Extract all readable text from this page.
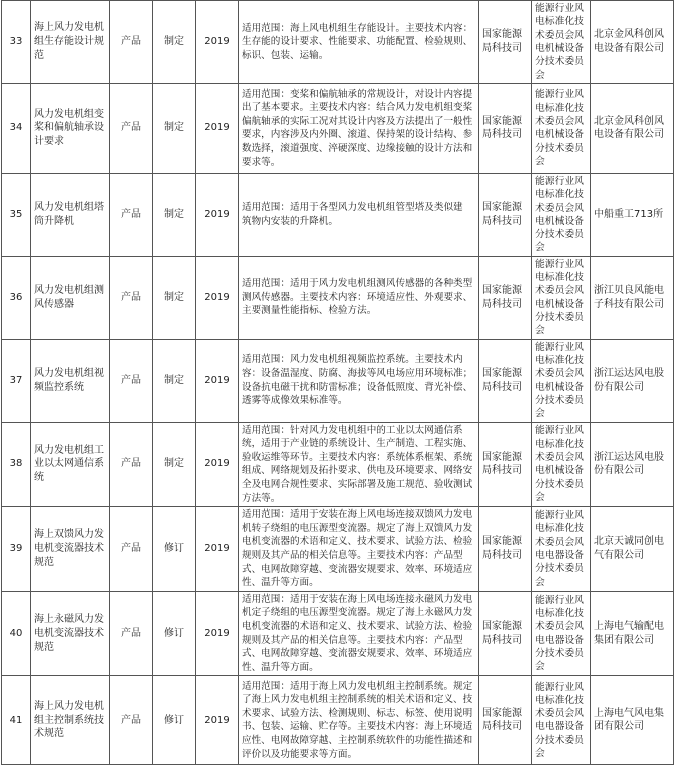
33	海上风力发电机组生存能设计规范	产品	制定	2019	适用范围：海上风电机组生存能设计。主要技术内容：生存能的设计要求、性能要求、功能配置、检验规则、标识、包装、运输。	国家能源局科技司	能源行业风电标准化技术委员会风电机械设备分技术委员会	北京金风科创风电设备有限公司
34	风力发电机组变桨和偏航轴承设计要求	产品	制定	2019	适用范围：变桨和偏航轴承的常规设计，对设计内容提出了基本要求。主要技术内容：结合风力发电机组变桨偏航轴承的实际工况对其设计内容及方法提出了一般性要求，内容涉及内外圈、滚道、保持架的设计结构、参数选择，滚道强度、淬硬深度、边缘接触的设计方法和要求等。	国家能源局科技司	能源行业风电标准化技术委员会风电机械设备分技术委员会	北京金风科创风电设备有限公司
35	风力发电机组塔筒升降机	产品	制定	2019	适用范围：适用于各型风力发电机组管型塔及类似建 筑物内安装的升降机。	国家能源局科技司	能源行业风电标准化技术委员会风电机械设备分技术委员会	中船重工713所
36	风力发电机组测风传感器	产品	制定	2019	适用范围：适用于风力发电机组测风传感器的各种类型测风传感器。主要技术内容：环境适应性、外观要求、主要测量性能指标、检验方法。	国家能源局科技司	能源行业风电标准化技术委员会风电机械设备分技术委员会	浙江贝良风能电子科技有限公司
37	风力发电机组视频监控系统	产品	制定	2019	适用范围：风力发电机组视频监控系统。主要技术内容：设备温湿度、防腐、海拔等风电场应用环境标准；设备抗电磁干扰和防雷标准；设备低照度、背光补偿、透雾等成像效果标准等。	国家能源局科技司	能源行业风电标准化技术委员会风电机械设备分技术委员会	浙江运达风电股份有限公司
38	风力发电机组工业以太网通信系统	产品	制定	2019	适用范围：针对风力发电机组中的工业以太网通信系统，适用于产业链的系统设计、生产制造、工程实施、验收运维等环节。主要技术内容：系统体系框架、系统组成、网络规划及拓扑要求、供电及环境要求、网络安全及电网合规性要求、实际部署及施工规范、验收测试方法等。	国家能源局科技司	能源行业风电标准化技术委员会风电机械设备分技术委员会	浙江运达风电股份有限公司
39	海上双馈风力发电机变流器技术规范	产品	修订	2019	适用范围：适用于安装在海上风电场连接双馈风力发电机转子绕组的电压源型变流器。规定了海上双馈风力发电机变流器的术语和定义、技术要求、试验方法、检验规则及其产品的相关信息等。主要技术内容：产品型式、电网故障穿越、变流器安规要求、效率、环境适应性、温升等方面。	国家能源局科技司	能源行业风电标准化技术委员会风电电器设备分技术委员会	北京天诚同创电气有限公司
40	海上永磁风力发电机变流器技术规范	产品	修订	2019	适用范围：适用于安装在海上风电场连接永磁风力发电机定子绕组的电压源型变流器。规定了海上永磁风力发电机变流器的术语和定义、技术要求、试验方法、检验规则及其产品的相关信息等。主要技术内容：产品型式、电网故障穿越、变流器安规要求、效率、环境适应性、温升等方面。	国家能源局科技司	能源行业风电标准化技术委员会风电电器设备分技术委员会	上海电气输配电集团有限公司
41	海上风力发电机组主控制系统技术规范	产品	修订	2019	适用范围：适用于海上风力发电机组主控制系统。规定了海上风力发电机组主控制系统的相关术语和定义、技术要求、试验方法、检测规则、标志、标签、使用说明书、包装、运输、贮存等。主要技术内容：海上环境适应性、电网故障穿越、主控制系统软件的功能性描述和评价以及功能要求等方面。	国家能源局科技司	能源行业风电标准化技术委员会风电电器设备分技术委员会	上海电气风电集团有限公司
